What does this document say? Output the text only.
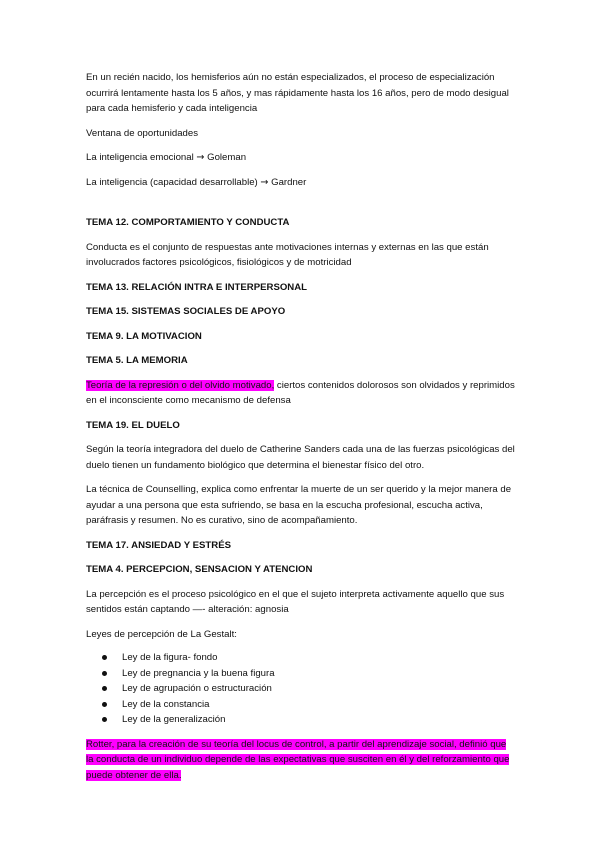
En un recién nacido, los hemisferios aún no están especializados, el proceso de especialización ocurrirá lentamente hasta los 5 años, y mas rápidamente hasta los 16 años, pero de modo desigual para cada hemisferio y cada inteligencia

Ventana de oportunidades

La inteligencia emocional → Goleman

La inteligencia (capacidad desarrollable) → Gardner

TEMA 12. COMPORTAMIENTO Y CONDUCTA

Conducta es el conjunto de respuestas ante motivaciones internas y externas en las que están involucrados factores psicológicos, fisiológicos y de motricidad

TEMA 13. RELACIÓN INTRA E INTERPERSONAL

TEMA 15. SISTEMAS SOCIALES DE APOYO

TEMA 9. LA MOTIVACION

TEMA 5. LA MEMORIA

Teoría de la represión o del olvido motivado, ciertos contenidos dolorosos son olvidados y reprimidos en el inconsciente como mecanismo de defensa

TEMA 19. EL DUELO

Según la teoría integradora del duelo de Catherine Sanders cada una de las fuerzas psicológicas del duelo tienen un fundamento biológico que determina el bienestar físico del otro.

La técnica de Counselling, explica como enfrentar la muerte de un ser querido y la mejor manera de ayudar a una persona que esta sufriendo, se basa en la escucha profesional, escucha activa, paráfrasis y resumen. No es curativo, sino de acompañamiento.

TEMA 17. ANSIEDAD Y ESTRÉS

TEMA 4. PERCEPCION, SENSACION Y ATENCION

La percepción es el proceso psicológico en el que el sujeto interpreta activamente aquello que sus sentidos están captando —- alteración: agnosia

Leyes de percepción de La Gestalt:

Ley de la figura- fondo
Ley de pregnancia y la buena figura
Ley de agrupación o estructuración
Ley de la constancia
Ley de la generalización

Rotter, para la creación de su teoría del locus de control, a partir del aprendizaje social, definió que la conducta de un individuo depende de las expectativas que susciten en él y del reforzamiento que puede obtener de ella.
